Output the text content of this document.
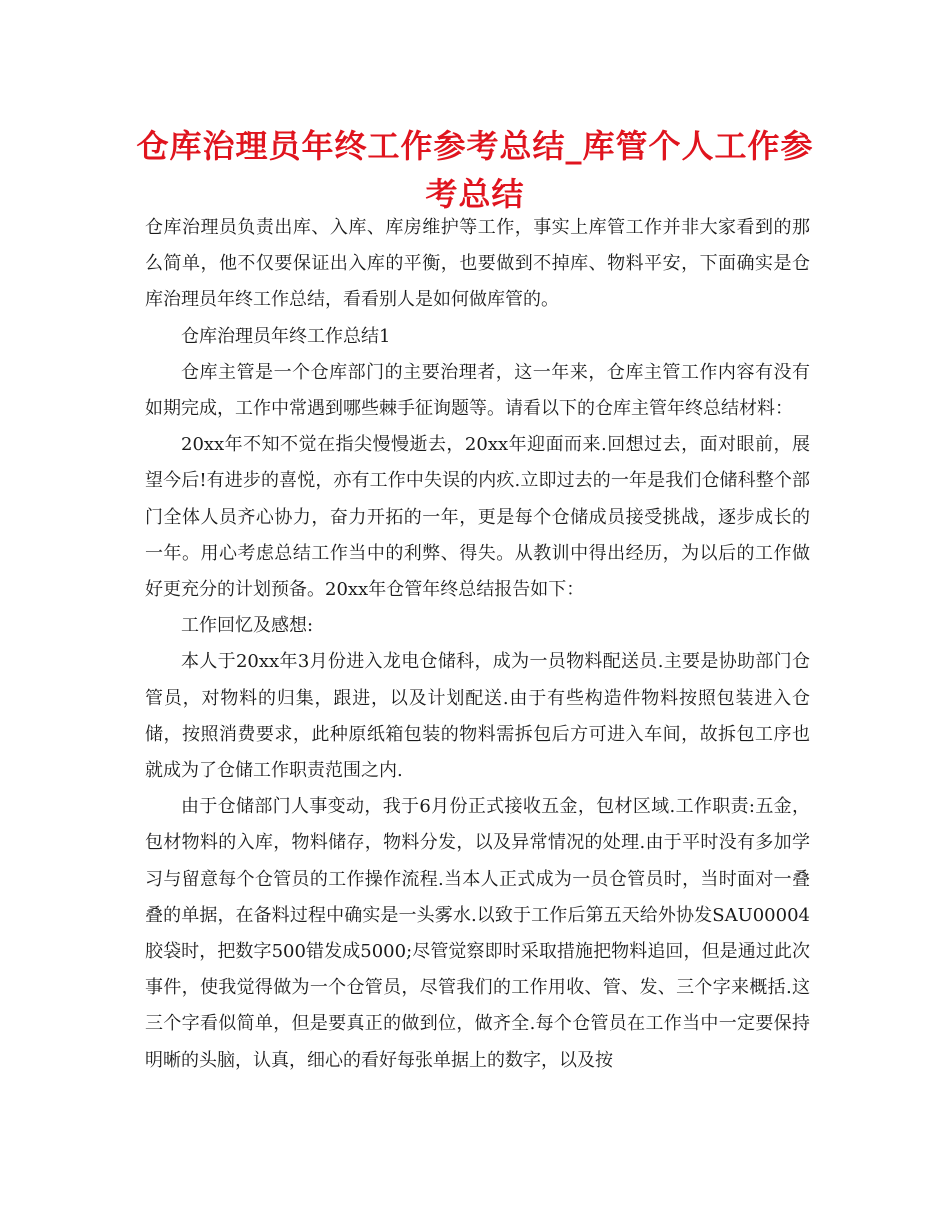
仓库治理员年终工作参考总结_库管个人工作参考总结

仓库治理员负责出库、入库、库房维护等工作，事实上库管工作并非大家看到的那么简单，他不仅要保证出入库的平衡，也要做到不掉库、物料平安，下面确实是仓库治理员年终工作总结，看看别人是如何做库管的。

仓库治理员年终工作总结1

仓库主管是一个仓库部门的主要治理者，这一年来，仓库主管工作内容有没有如期完成，工作中常遇到哪些棘手征询题等。请看以下的仓库主管年终总结材料：

20xx年不知不觉在指尖慢慢逝去，20xx年迎面而来.回想过去，面对眼前，展望今后!有进步的喜悦，亦有工作中失误的内疚.立即过去的一年是我们仓储科整个部门全体人员齐心协力，奋力开拓的一年，更是每个仓储成员接受挑战，逐步成长的一年。用心考虑总结工作当中的利弊、得失。从教训中得出经历，为以后的工作做好更充分的计划预备。20xx年仓管年终总结报告如下：

工作回忆及感想:

本人于20xx年3月份进入龙电仓储科，成为一员物料配送员.主要是协助部门仓管员，对物料的归集，跟进，以及计划配送.由于有些构造件物料按照包装进入仓储，按照消费要求，此种原纸箱包装的物料需拆包后方可进入车间，故拆包工序也就成为了仓储工作职责范围之内.

由于仓储部门人事变动，我于6月份正式接收五金，包材区域.工作职责:五金，包材物料的入库，物料储存，物料分发，以及异常情况的处理.由于平时没有多加学习与留意每个仓管员的工作操作流程.当本人正式成为一员仓管员时，当时面对一叠叠的单据，在备料过程中确实是一头雾水.以致于工作后第五天给外协发SAU00004胶袋时，把数字500错发成5000;尽管觉察即时采取措施把物料追回，但是通过此次事件，使我觉得做为一个仓管员，尽管我们的工作用收、管、发、三个字来概括.这三个字看似简单，但是要真正的做到位，做齐全.每个仓管员在工作当中一定要保持明晰的头脑，认真，细心的看好每张单据上的数字，以及按
